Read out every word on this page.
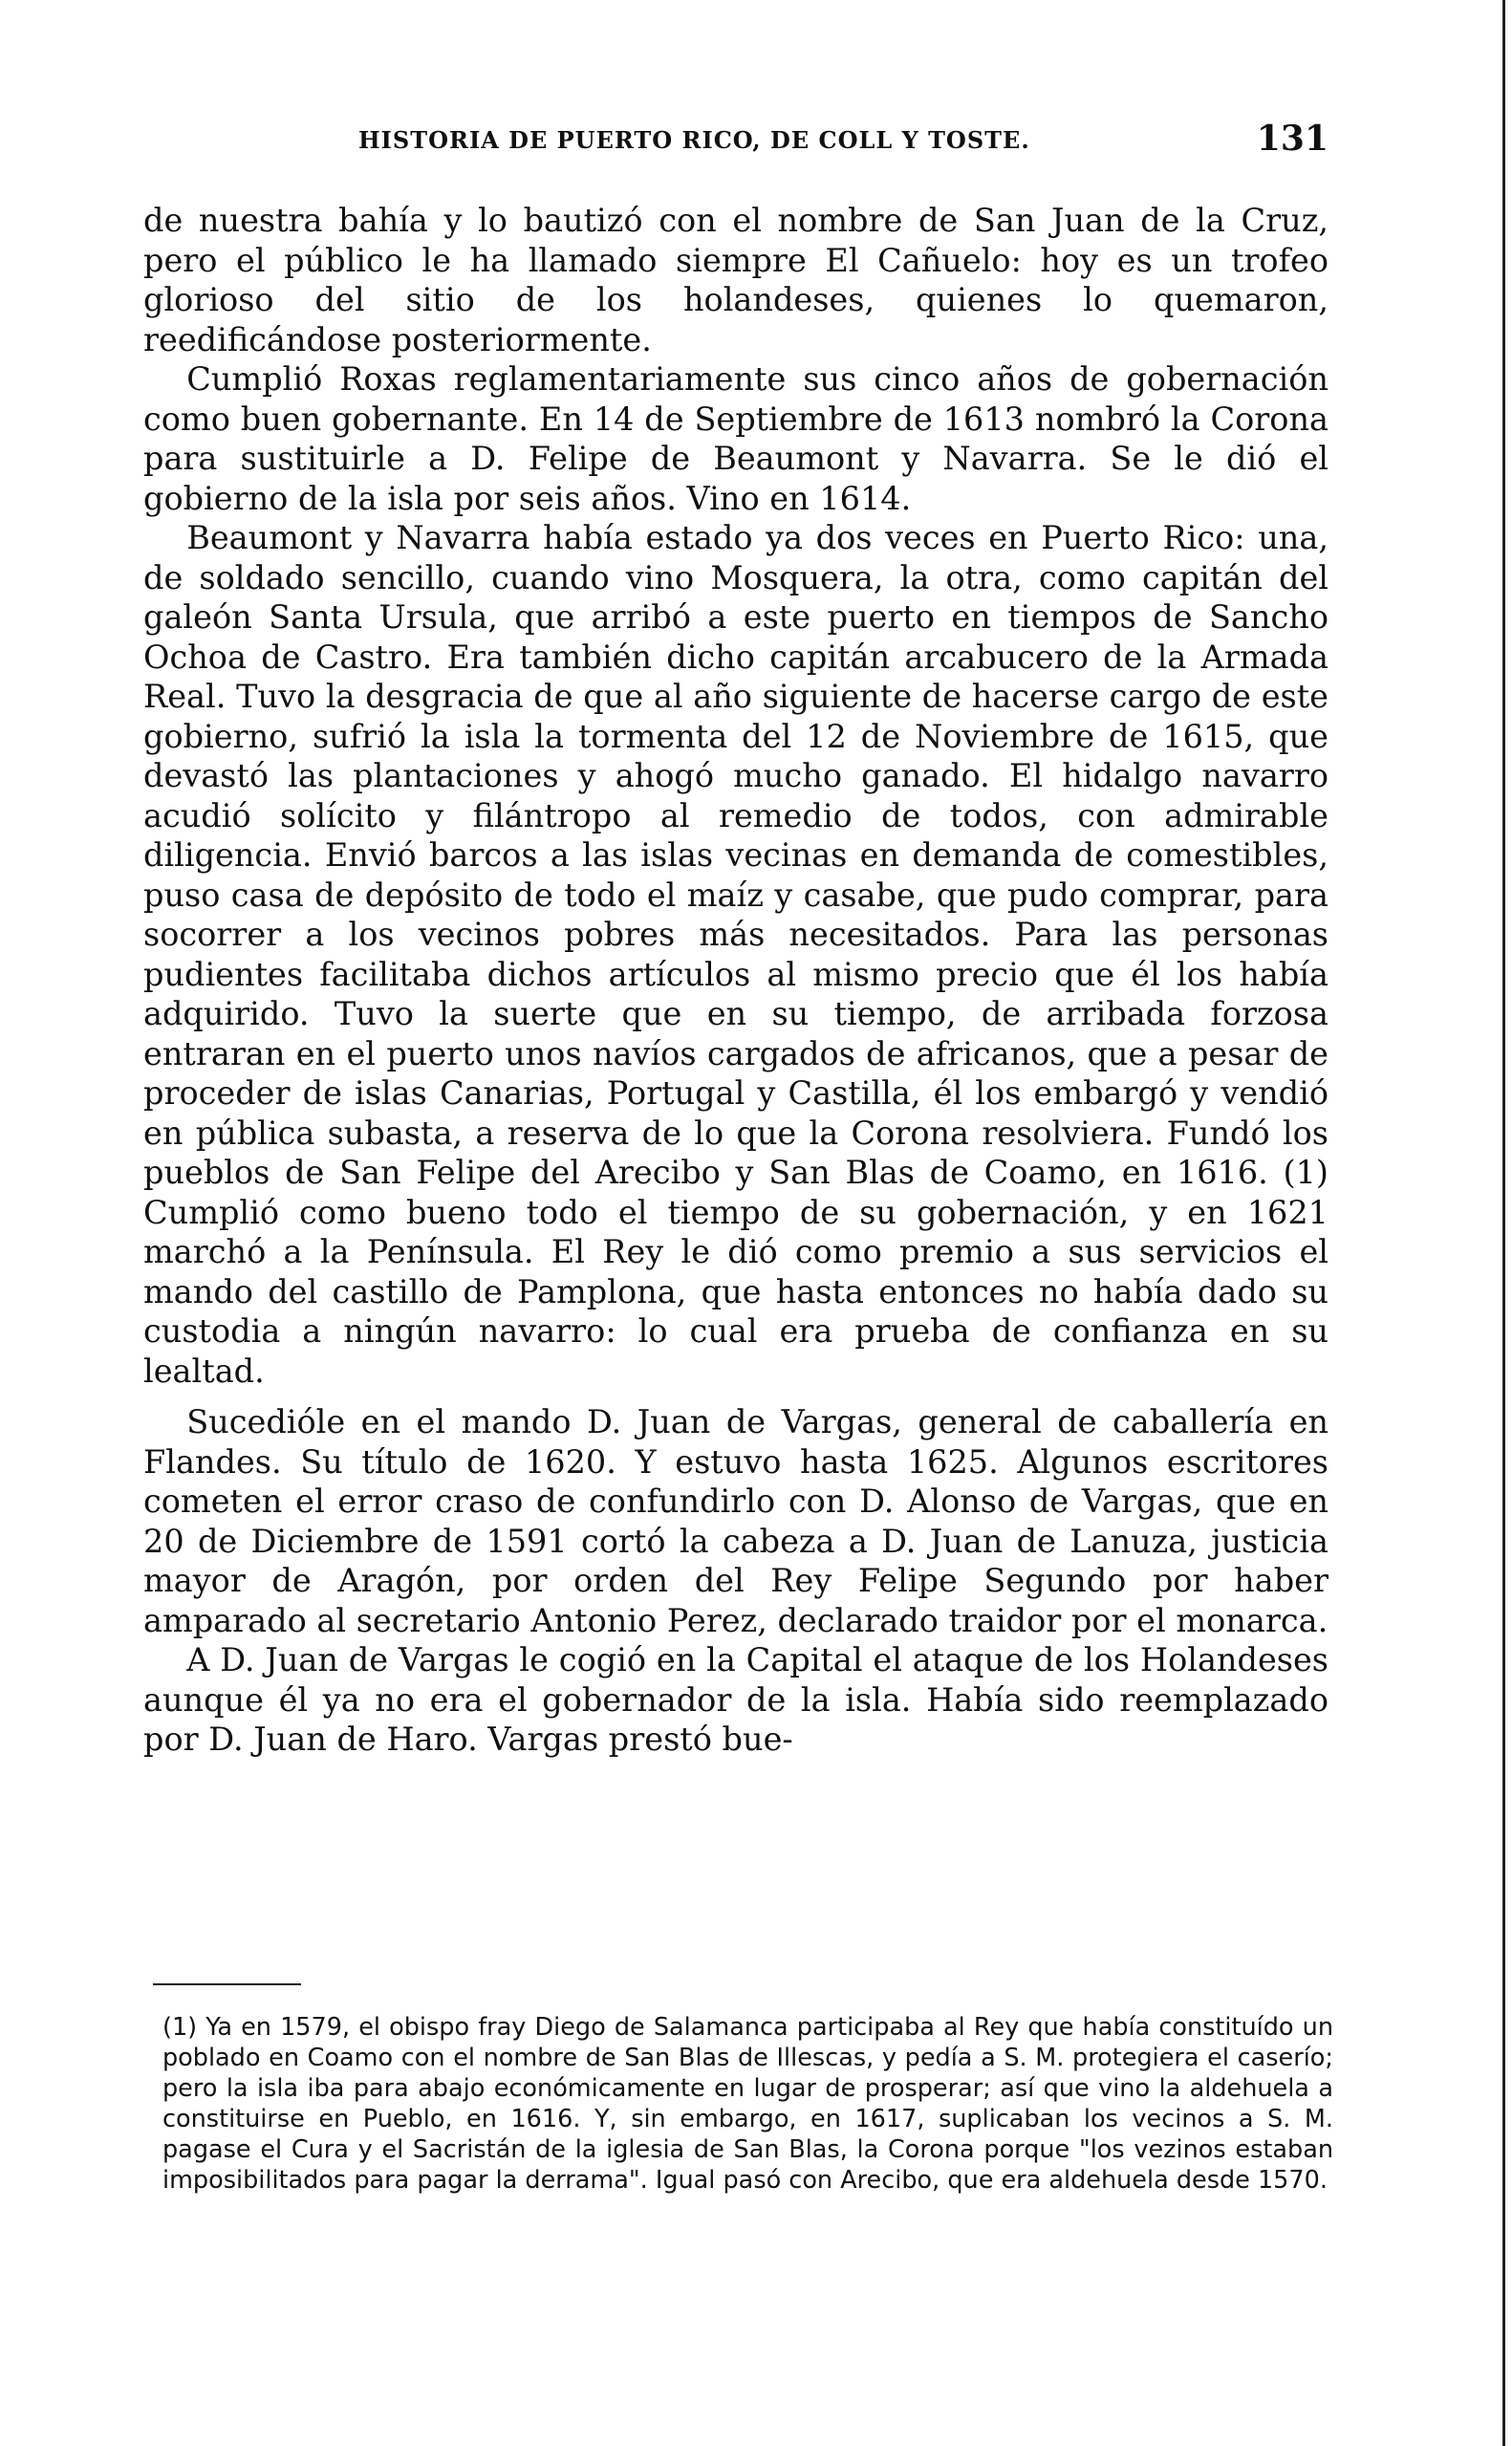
HISTORIA DE PUERTO RICO, DE COLL Y TOSTE.	131

de nuestra bahía y lo bautizó con el nombre de San Juan de la Cruz, pero el público le ha llamado siempre El Cañuelo: hoy es un trofeo glorioso del sitio de los holandeses, quienes lo quemaron, reedificándose posteriormente.

Cumplió Roxas reglamentariamente sus cinco años de gobernación como buen gobernante. En 14 de Septiembre de 1613 nombró la Corona para sustituirle a D. Felipe de Beaumont y Navarra. Se le dió el gobierno de la isla por seis años. Vino en 1614.

Beaumont y Navarra había estado ya dos veces en Puerto Rico: una, de soldado sencillo, cuando vino Mosquera, la otra, como capitán del galeón Santa Ursula, que arribó a este puerto en tiempos de Sancho Ochoa de Castro. Era también dicho capitán arcabucero de la Armada Real. Tuvo la desgracia de que al año siguiente de hacerse cargo de este gobierno, sufrió la isla la tormenta del 12 de Noviembre de 1615, que devastó las plantaciones y ahogó mucho ganado. El hidalgo navarro acudió solícito y filántropo al remedio de todos, con admirable diligencia. Envió barcos a las islas vecinas en demanda de comestibles, puso casa de depósito de todo el maíz y casabe, que pudo comprar, para socorrer a los vecinos pobres más necesitados. Para las personas pudientes facilitaba dichos artículos al mismo precio que él los había adquirido. Tuvo la suerte que en su tiempo, de arribada forzosa entraran en el puerto unos navíos cargados de africanos, que a pesar de proceder de islas Canarias, Portugal y Castilla, él los embargó y vendió en pública subasta, a reserva de lo que la Corona resolviera. Fundó los pueblos de San Felipe del Arecibo y San Blas de Coamo, en 1616. (1) Cumplió como bueno todo el tiempo de su gobernación, y en 1621 marchó a la Península. El Rey le dió como premio a sus servicios el mando del castillo de Pamplona, que hasta entonces no había dado su custodia a ningún navarro: lo cual era prueba de confianza en su lealtad.

Sucedióle en el mando D. Juan de Vargas, general de caballería en Flandes. Su título de 1620. Y estuvo hasta 1625. Algunos escritores cometen el error craso de confundirlo con D. Alonso de Vargas, que en 20 de Diciembre de 1591 cortó la cabeza a D. Juan de Lanuza, justicia mayor de Aragón, por orden del Rey Felipe Segundo por haber amparado al secretario Antonio Perez, declarado traidor por el monarca.

A D. Juan de Vargas le cogió en la Capital el ataque de los Holandeses aunque él ya no era el gobernador de la isla. Había sido reemplazado por D. Juan de Haro. Vargas prestó bue-

(1) Ya en 1579, el obispo fray Diego de Salamanca participaba al Rey que había constituído un poblado en Coamo con el nombre de San Blas de Illescas, y pedía a S. M. protegiera el caserío; pero la isla iba para abajo económicamente en lugar de prosperar; así que vino la aldehuela a constituirse en Pueblo, en 1616. Y, sin embargo, en 1617, suplicaban los vecinos a S. M. pagase el Cura y el Sacristán de la iglesia de San Blas, la Corona porque "los vezinos estaban imposibilitados para pagar la derrama". Igual pasó con Arecibo, que era aldehuela desde 1570.
